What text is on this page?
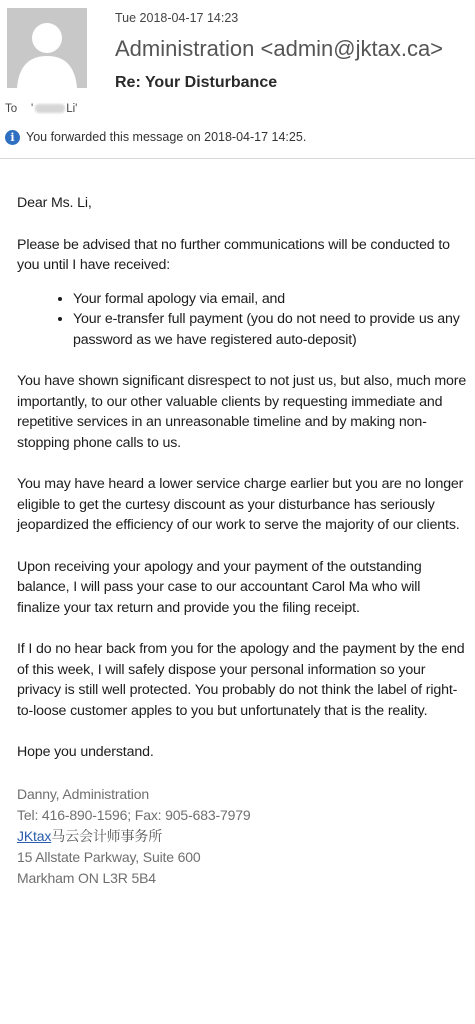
Tue 2018-04-17 14:23
Administration <admin@jktax.ca>
Re: Your Disturbance
To '	Li'
i You forwarded this message on 2018-04-17 14:25.

Dear Ms. Li,

Please be advised that no further communications will be conducted to you until I have received:

• Your formal apology via email, and
• Your e-transfer full payment (you do not need to provide us any password as we have registered auto-deposit)

You have shown significant disrespect to not just us, but also, much more importantly, to our other valuable clients by requesting immediate and repetitive services in an unreasonable timeline and by making non-stopping phone calls to us.

You may have heard a lower service charge earlier but you are no longer eligible to get the curtesy discount as your disturbance has seriously jeopardized the efficiency of our work to serve the majority of our clients.

Upon receiving your apology and your payment of the outstanding balance, I will pass your case to our accountant Carol Ma who will finalize your tax return and provide you the filing receipt.

If I do no hear back from you for the apology and the payment by the end of this week, I will safely dispose your personal information so your privacy is still well protected. You probably do not think the label of right-to-loose customer apples to you but unfortunately that is the reality.

Hope you understand.

Danny, Administration
Tel: 416-890-1596; Fax: 905-683-7979
JKtax马云会计师事务所
15 Allstate Parkway, Suite 600
Markham ON L3R 5B4
